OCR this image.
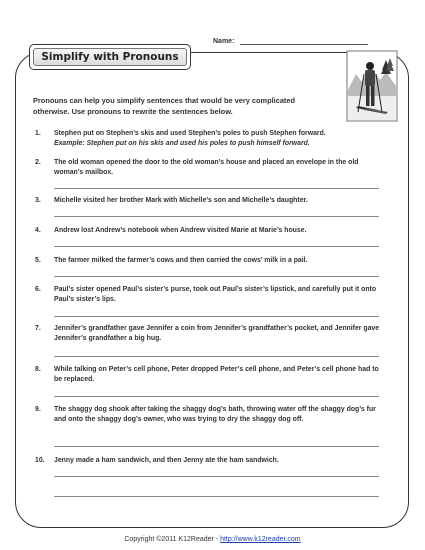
Name:
Simplify with Pronouns
Pronouns can help you simplify sentences that would be very complicated otherwise. Use pronouns to rewrite the sentences below.
1.	Stephen put on Stephen’s skis and used Stephen’s poles to push Stephen forward.
Example: Stephen put on his skis and used his poles to push himself forward.
2.	The old woman opened the door to the old woman’s house and placed an envelope in the old woman’s mailbox.
3.	Michelle visited her brother Mark with Michelle’s son and Michelle’s daughter.
4.	Andrew lost Andrew’s notebook when Andrew visited Marie at Marie’s house.
5.	The farmer milked the farmer’s cows and then carried the cows’ milk in a pail.
6.	Paul’s sister opened Paul’s sister’s purse, took out Paul’s sister’s lipstick, and carefully put it onto Paul’s sister’s lips.
7.	Jennifer’s grandfather gave Jennifer a coin from Jennifer’s grandfather’s pocket, and Jennifer gave Jennifer’s grandfather a big hug.
8.	While talking on Peter’s cell phone, Peter dropped Peter’s cell phone, and Peter’s cell phone had to be replaced.
9.	The shaggy dog shook after taking the shaggy dog’s bath, throwing water off the shaggy dog’s fur and onto the shaggy dog’s owner, who was trying to dry the shaggy dog off.
10.	Jenny made a ham sandwich, and then Jenny ate the ham sandwich.
Copyright ©2011 K12Reader - http://www.k12reader.com
